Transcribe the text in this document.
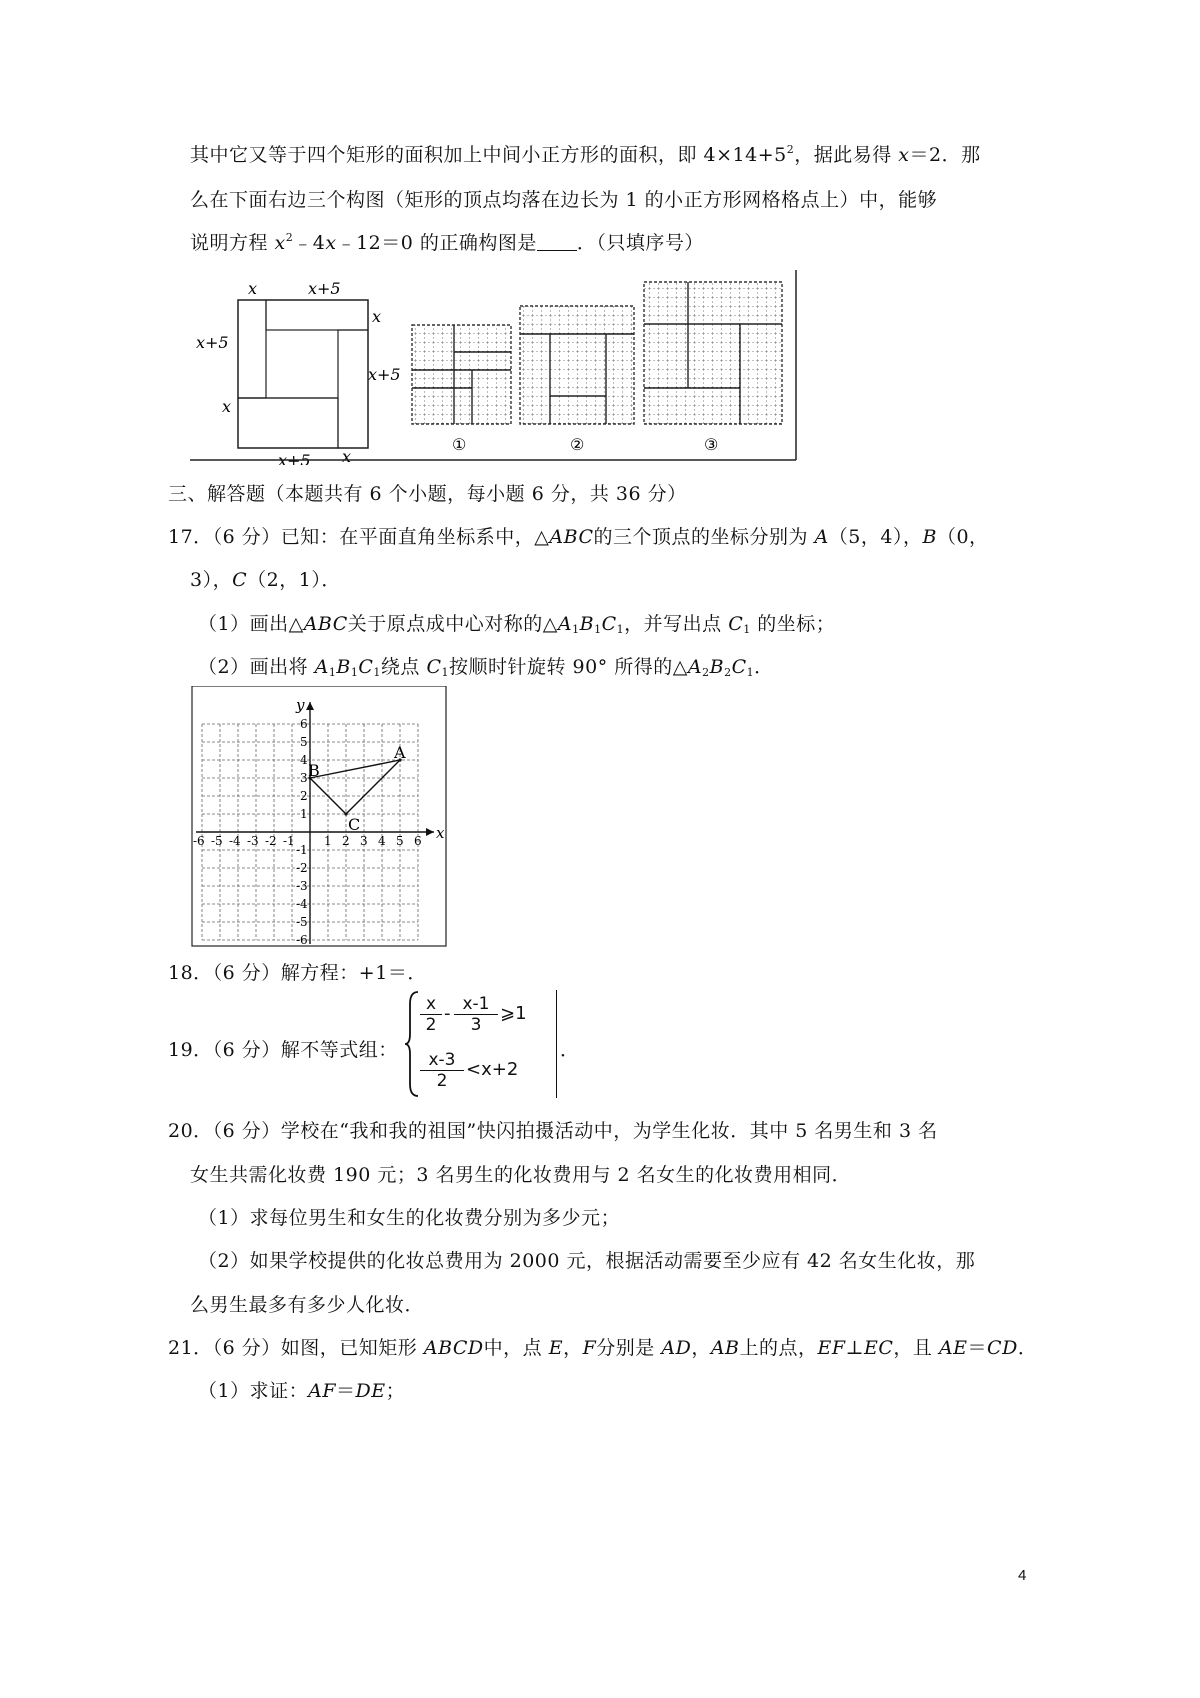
其中它又等于四个矩形的面积加上中间小正方形的面积，即 $4\times 14+5^2$，据此易得 x＝2．那
么在下面右边三个构图（矩形的顶点均落在边长为 1 的小正方形网格格点上）中，能够
说明方程 $x^2﹣4x﹣12=0$ 的正确构图是 ．（只填序号）
x	x+5
x
x+5
x+5
x
x+5 x
①	②	③
三、解答题（本题共有 6 个小题，每小题 6 分，共 36 分）
17．（6 分）已知：在平面直角坐标系中，△ABC的三个顶点的坐标分别为 A（5，4），B（0，
3），C（2，1）．
（1）画出△ABC关于原点成中心对称的$\triangle A_1B_1C_1$，并写出点 $C_1$ 的坐标；
（2）画出将 $A_1B_1C_1$绕点 $C_1$按顺时针旋转 90° 所得的$\triangle A_2B_2C_1$．
x
y
-6 -5 -4 -3 -2 -1 1 2 3 4 5 6
6
5
4
3
2
1
-1
-2
-3
-4
-5
-6
A
B
C
18．（6 分）解方程：+1＝．
19．（6 分）解不等式组：
$\frac{x}{2} - \frac{x-1}{3}$ ⩾1
$\frac{x-3}{2} <x+2$
．
20．（6 分）学校在“我和我的祖国”快闪拍摄活动中，为学生化妆．其中 5 名男生和 3 名
女生共需化妆费 190 元；3 名男生的化妆费用与 2 名女生的化妆费用相同．
（1）求每位男生和女生的化妆费分别为多少元；
（2）如果学校提供的化妆总费用为 2000 元，根据活动需要至少应有 42 名女生化妆，那
么男生最多有多少人化妆．
21．（6 分）如图，已知矩形 ABCD中，点 E，F分别是 AD，AB上的点，EF⊥EC，且 AE＝CD．
（1）求证：AF＝DE；
4
